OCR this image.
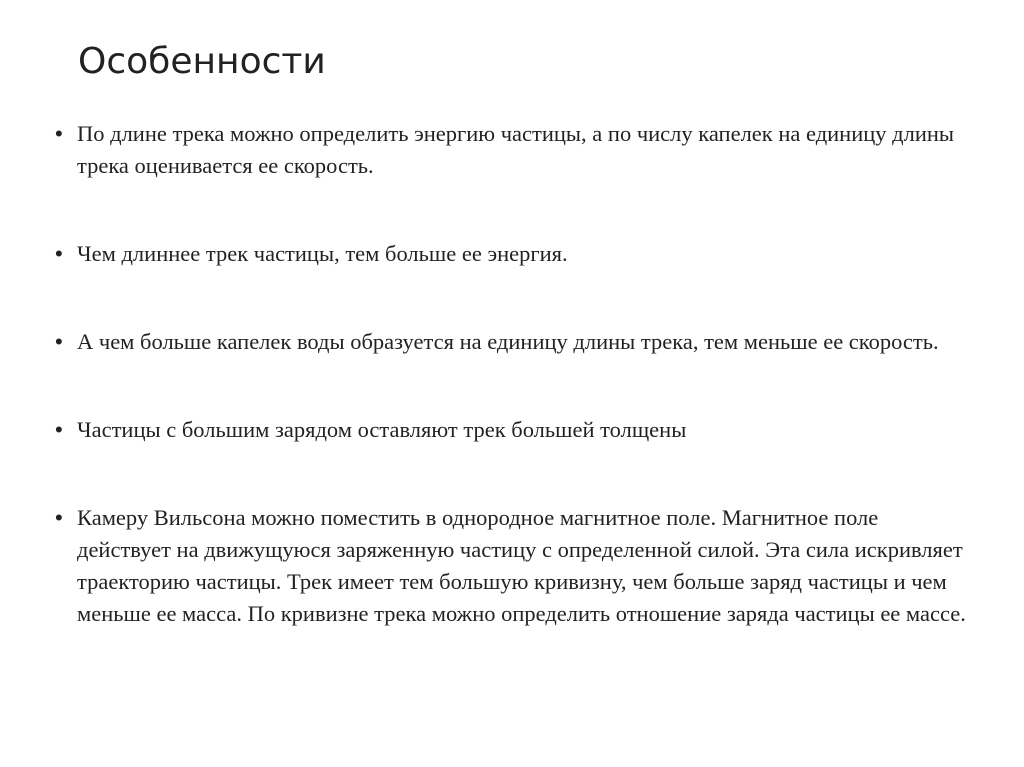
Особенности
• По длине трека можно определить энергию частицы, а по числу капелек на единицу длины трека оценивается ее скорость.
• Чем длиннее трек частицы, тем больше ее энергия.
• А чем больше капелек воды образуется на единицу длины трека, тем меньше ее скорость.
• Частицы с большим зарядом оставляют трек большей толщены
• Камеру Вильсона можно поместить в однородное магнитное поле. Магнитное поле действует на движущуюся заряженную частицу с определенной силой. Эта сила искривляет траекторию частицы. Трек имеет тем большую кривизну, чем больше заряд частицы и чем меньше ее масса. По кривизне трека можно определить отношение заряда частицы ее массе.
